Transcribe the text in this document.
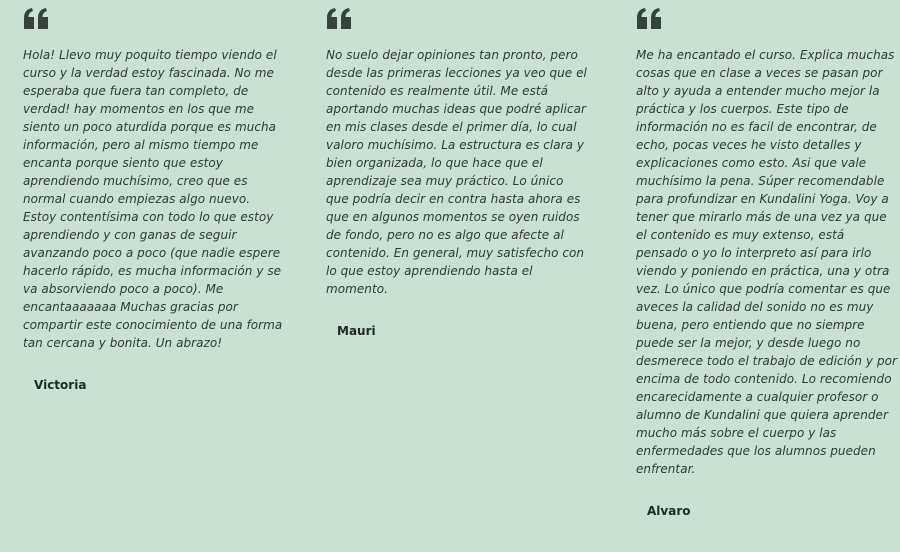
Hola! Llevo muy poquito tiempo viendo el curso y la verdad estoy fascinada. No me esperaba que fuera tan completo, de verdad! hay momentos en los que me siento un poco aturdida porque es mucha información, pero al mismo tiempo me encanta porque siento que estoy aprendiendo muchísimo, creo que es normal cuando empiezas algo nuevo. Estoy contentísima con todo lo que estoy aprendiendo y con ganas de seguir avanzando poco a poco (que nadie espere hacerlo rápido, es mucha información y se va absorviendo poco a poco). Me encantaaaaaaa Muchas gracias por compartir este conocimiento de una forma tan cercana y bonita. Un abrazo!

Victoria

No suelo dejar opiniones tan pronto, pero desde las primeras lecciones ya veo que el contenido es realmente útil. Me está aportando muchas ideas que podré aplicar en mis clases desde el primer día, lo cual valoro muchísimo. La estructura es clara y bien organizada, lo que hace que el aprendizaje sea muy práctico. Lo único que podría decir en contra hasta ahora es que en algunos momentos se oyen ruidos de fondo, pero no es algo que afecte al contenido. En general, muy satisfecho con lo que estoy aprendiendo hasta el momento.

Mauri

Me ha encantado el curso. Explica muchas cosas que en clase a veces se pasan por alto y ayuda a entender mucho mejor la práctica y los cuerpos. Este tipo de información no es facil de encontrar, de echo, pocas veces he visto detalles y explicaciones como esto. Asi que vale muchísimo la pena. Súper recomendable para profundizar en Kundalini Yoga. Voy a tener que mirarlo más de una vez ya que el contenido es muy extenso, está pensado o yo lo interpreto así para irlo viendo y poniendo en práctica, una y otra vez. Lo único que podría comentar es que aveces la calidad del sonido no es muy buena, pero entiendo que no siempre puede ser la mejor, y desde luego no desmerece todo el trabajo de edición y por encima de todo contenido. Lo recomiendo encarecidamente a cualquier profesor o alumno de Kundalini que quiera aprender mucho más sobre el cuerpo y las enfermedades que los alumnos pueden enfrentar.

Alvaro
